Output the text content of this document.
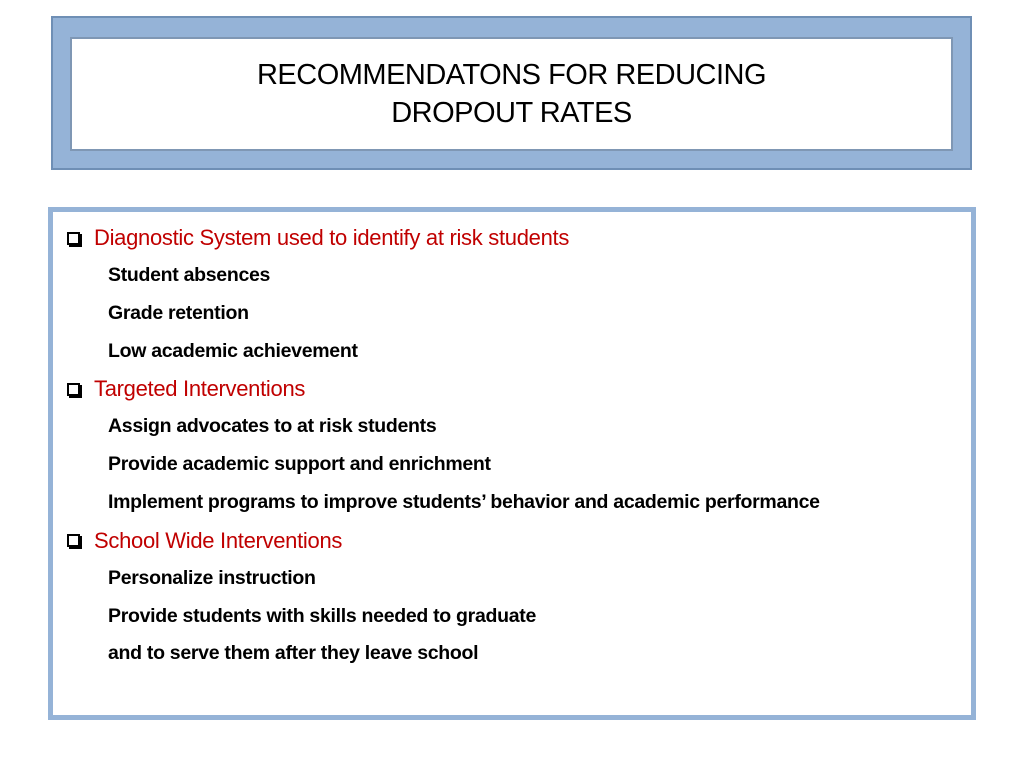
RECOMMENDATONS FOR REDUCING
DROPOUT RATES
Diagnostic System used to identify at risk students
Student absences
Grade retention
Low academic achievement
Targeted Interventions
Assign advocates to at risk students
Provide academic support and enrichment
Implement programs to improve students’ behavior and academic performance
School Wide Interventions
Personalize instruction
Provide students with skills needed to graduate
and to serve them after they leave school
